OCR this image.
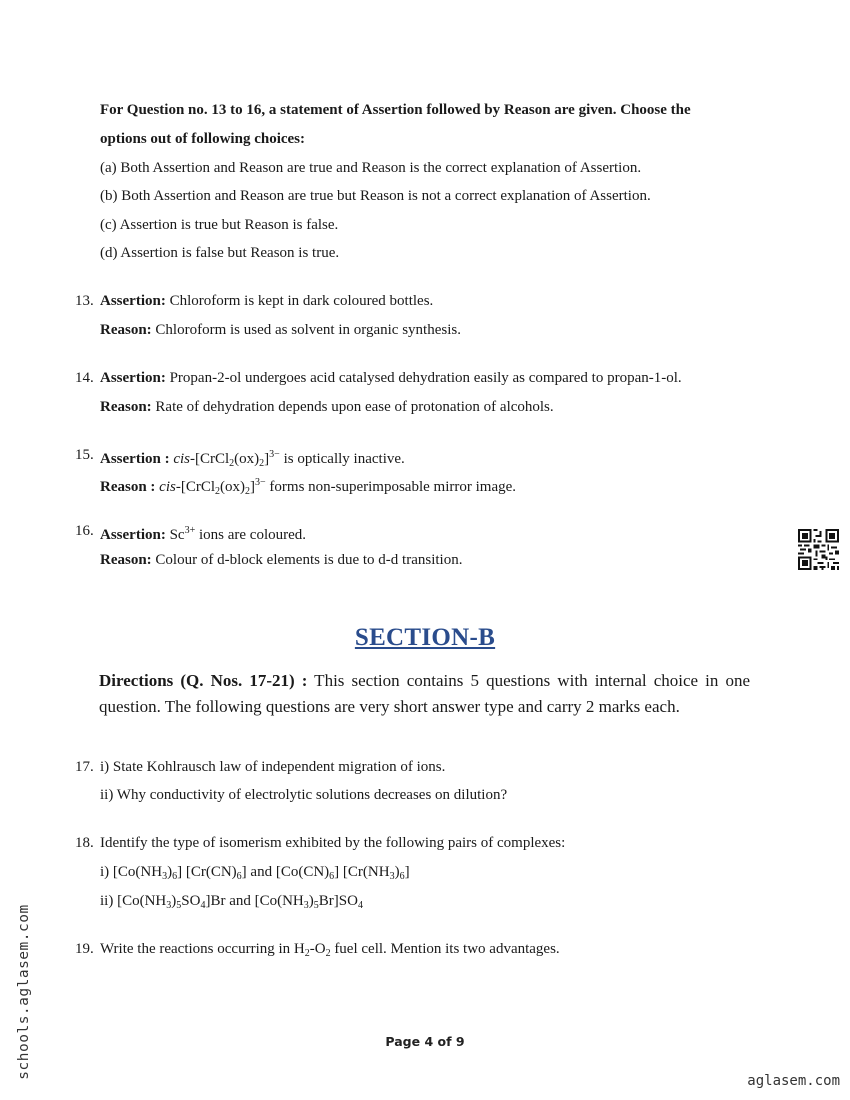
For Question no. 13 to 16, a statement of Assertion followed by Reason are given. Choose the
options out of following choices:
(a) Both Assertion and Reason are true and Reason is the correct explanation of Assertion.
(b) Both Assertion and Reason are true but Reason is not a correct explanation of Assertion.
(c) Assertion is true but Reason is false.
(d) Assertion is false but Reason is true.
13. Assertion: Chloroform is kept in dark coloured bottles.
Reason: Chloroform is used as solvent in organic synthesis.
14. Assertion: Propan-2-ol undergoes acid catalysed dehydration easily as compared to propan-1-ol.
Reason: Rate of dehydration depends upon ease of protonation of alcohols.
15. Assertion : cis-$[CrCl_2(ox)_2]^{3-}$ is optically inactive.
Reason : cis-$[CrCl_2(ox)_2]^{3-}$ forms non-superimposable mirror image.
16. Assertion: $Sc^{3+}$ ions are coloured.
Reason: Colour of d-block elements is due to d-d transition.
SECTION-B
Directions (Q. Nos. 17-21) : This section contains 5 questions with internal choice in one question. The following questions are very short answer type and carry 2 marks each.
17. i) State Kohlrausch law of independent migration of ions.
ii) Why conductivity of electrolytic solutions decreases on dilution?
18. Identify the type of isomerism exhibited by the following pairs of complexes:
i) $[Co(NH_3)_6]$ $[Cr(CN)_6]$ and $[Co(CN)_6]$ $[Cr(NH_3)_6]$
ii) $[Co(NH_3)_5SO_4]Br$ and $[Co(NH_3)_5Br]SO_4$
19. Write the reactions occurring in $H_2-O_2$ fuel cell. Mention its two advantages.
Page 4 of 9
aglasem.com
schools.aglasem.com
